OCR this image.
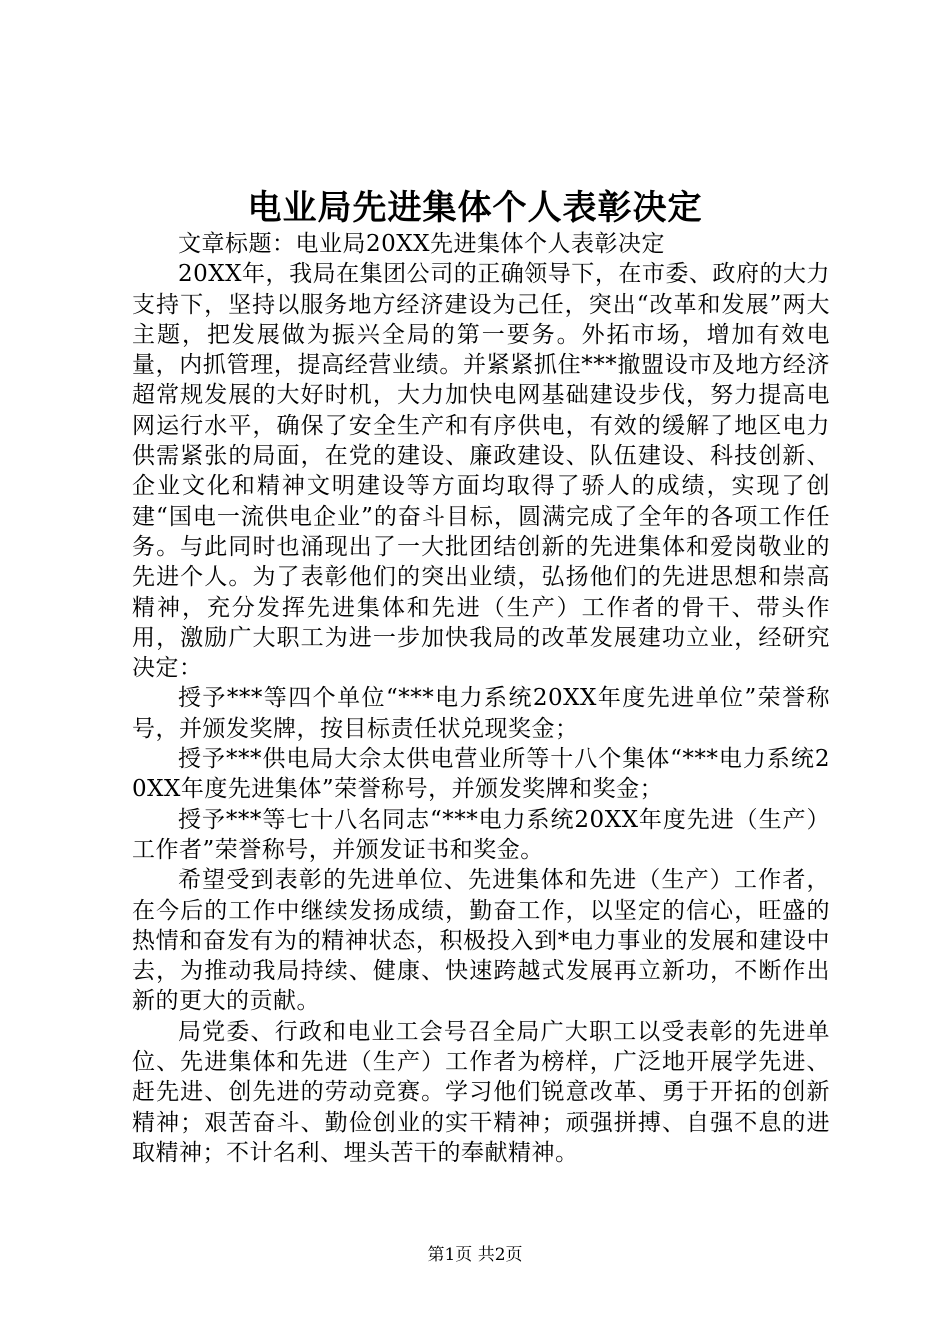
电业局先进集体个人表彰决定

文章标题：电业局20XX先进集体个人表彰决定

20XX年，我局在集团公司的正确领导下，在市委、政府的大力支持下，坚持以服务地方经济建设为己任，突出“改革和发展”两大主题，把发展做为振兴全局的第一要务。外拓市场，增加有效电量，内抓管理，提高经营业绩。并紧紧抓住***撤盟设市及地方经济超常规发展的大好时机，大力加快电网基础建设步伐，努力提高电网运行水平，确保了安全生产和有序供电，有效的缓解了地区电力供需紧张的局面，在党的建设、廉政建设、队伍建设、科技创新、企业文化和精神文明建设等方面均取得了骄人的成绩，实现了创建“国电一流供电企业”的奋斗目标，圆满完成了全年的各项工作任务。与此同时也涌现出了一大批团结创新的先进集体和爱岗敬业的先进个人。为了表彰他们的突出业绩，弘扬他们的先进思想和崇高精神，充分发挥先进集体和先进（生产）工作者的骨干、带头作用，激励广大职工为进一步加快我局的改革发展建功立业，经研究决定：

授予***等四个单位“***电力系统20XX年度先进单位”荣誉称号，并颁发奖牌，按目标责任状兑现奖金；

授予***供电局大佘太供电营业所等十八个集体“***电力系统20XX年度先进集体”荣誉称号，并颁发奖牌和奖金；

授予***等七十八名同志“***电力系统20XX年度先进（生产）工作者”荣誉称号，并颁发证书和奖金。

希望受到表彰的先进单位、先进集体和先进（生产）工作者，在今后的工作中继续发扬成绩，勤奋工作，以坚定的信心，旺盛的热情和奋发有为的精神状态，积极投入到*电力事业的发展和建设中去，为推动我局持续、健康、快速跨越式发展再立新功，不断作出新的更大的贡献。

局党委、行政和电业工会号召全局广大职工以受表彰的先进单位、先进集体和先进（生产）工作者为榜样，广泛地开展学先进、赶先进、创先进的劳动竞赛。学习他们锐意改革、勇于开拓的创新精神；艰苦奋斗、勤俭创业的实干精神；顽强拼搏、自强不息的进取精神；不计名利、埋头苦干的奉献精神。

第1页 共2页
